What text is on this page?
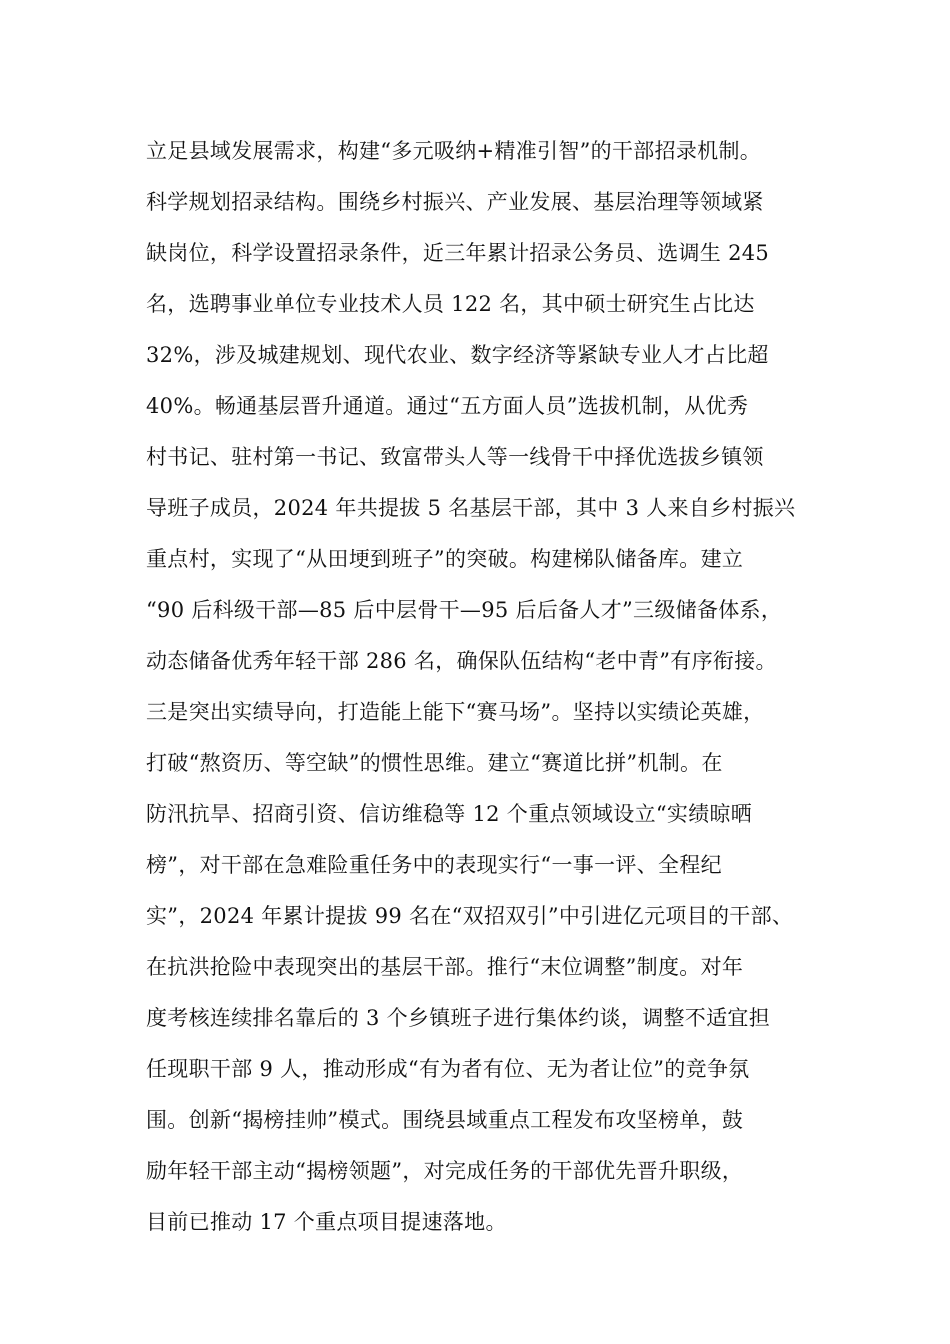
立足县域发展需求，构建“多元吸纳+精准引智”的干部招录机制。
科学规划招录结构。围绕乡村振兴、产业发展、基层治理等领域紧
缺岗位，科学设置招录条件，近三年累计招录公务员、选调生 245
名，选聘事业单位专业技术人员 122 名，其中硕士研究生占比达
32%，涉及城建规划、现代农业、数字经济等紧缺专业人才占比超
40%。畅通基层晋升通道。通过“五方面人员”选拔机制，从优秀
村书记、驻村第一书记、致富带头人等一线骨干中择优选拔乡镇领
导班子成员，2024 年共提拔 5 名基层干部，其中 3 人来自乡村振兴
重点村，实现了“从田埂到班子”的突破。构建梯队储备库。建立
“90 后科级干部—85 后中层骨干—95 后后备人才”三级储备体系，
动态储备优秀年轻干部 286 名，确保队伍结构“老中青”有序衔接。
三是突出实绩导向，打造能上能下“赛马场”。坚持以实绩论英雄，
打破“熬资历、等空缺”的惯性思维。建立“赛道比拼”机制。在
防汛抗旱、招商引资、信访维稳等 12 个重点领域设立“实绩晾晒
榜”，对干部在急难险重任务中的表现实行“一事一评、全程纪
实”，2024 年累计提拔 99 名在“双招双引”中引进亿元项目的干部、
在抗洪抢险中表现突出的基层干部。推行“末位调整”制度。对年
度考核连续排名靠后的 3 个乡镇班子进行集体约谈，调整不适宜担
任现职干部 9 人，推动形成“有为者有位、无为者让位”的竞争氛
围。创新“揭榜挂帅”模式。围绕县域重点工程发布攻坚榜单，鼓
励年轻干部主动“揭榜领题”，对完成任务的干部优先晋升职级，
目前已推动 17 个重点项目提速落地。
